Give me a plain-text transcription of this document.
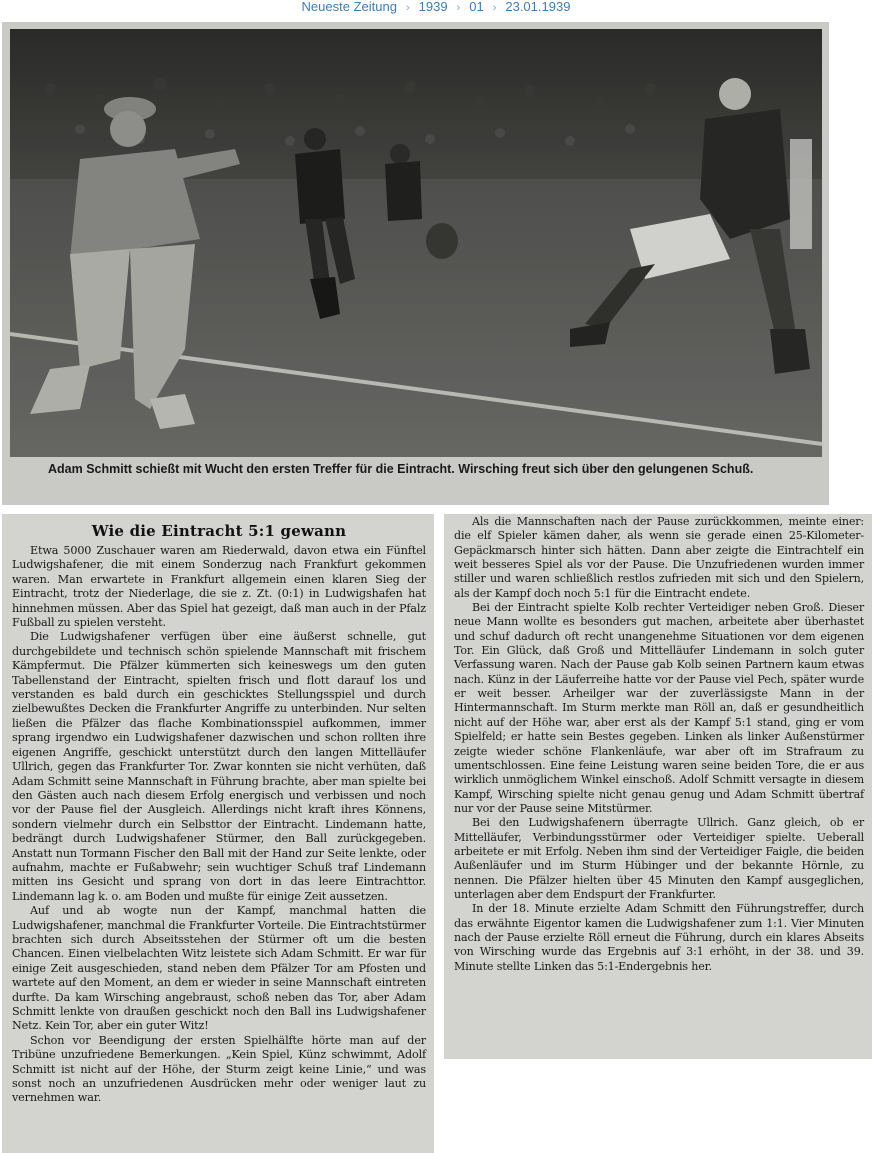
Neueste Zeitung › 1939 › 01 › 23.01.1939
Adam Schmitt schießt mit Wucht den ersten Treffer für die Eintracht. Wirsching freut sich über den gelungenen Schuß.
Wie die Eintracht 5:1 gewann

Etwa 5000 Zuschauer waren am Riederwald, davon etwa ein Fünftel Ludwigshafener, die mit einem Sonderzug nach Frankfurt gekommen waren. Man erwartete in Frankfurt allgemein einen klaren Sieg der Eintracht, trotz der Niederlage, die sie z. Zt. (0:1) in Ludwigshafen hat hinnehmen müssen. Aber das Spiel hat gezeigt, daß man auch in der Pfalz Fußball zu spielen versteht.

Die Ludwigshafener verfügen über eine äußerst schnelle, gut durchgebildete und technisch schön spielende Mannschaft mit frischem Kämpfermut. Die Pfälzer kümmerten sich keineswegs um den guten Tabellenstand der Eintracht, spielten frisch und flott darauf los und verstanden es bald durch ein geschicktes Stellungsspiel und durch zielbewußtes Decken die Frankfurter Angriffe zu unterbinden. Nur selten ließen die Pfälzer das flache Kombinationsspiel aufkommen, immer sprang irgendwo ein Ludwigshafener dazwischen und schon rollten ihre eigenen Angriffe, geschickt unterstützt durch den langen Mittelläufer Ullrich, gegen das Frankfurter Tor. Zwar konnten sie nicht verhüten, daß Adam Schmitt seine Mannschaft in Führung brachte, aber man spielte bei den Gästen auch nach diesem Erfolg energisch und verbissen und noch vor der Pause fiel der Ausgleich. Allerdings nicht kraft ihres Könnens, sondern vielmehr durch ein Selbsttor der Eintracht. Lindemann hatte, bedrängt durch Ludwigshafener Stürmer, den Ball zurückgegeben. Anstatt nun Tormann Fischer den Ball mit der Hand zur Seite lenkte, oder aufnahm, machte er Fußabwehr; sein wuchtiger Schuß traf Lindemann mitten ins Gesicht und sprang von dort in das leere Eintrachttor. Lindemann lag k. o. am Boden und mußte für einige Zeit aussetzen.

Auf und ab wogte nun der Kampf, manchmal hatten die Ludwigshafener, manchmal die Frankfurter Vorteile. Die Eintrachtstürmer brachten sich durch Abseitsstehen der Stürmer oft um die besten Chancen. Einen vielbelachten Witz leistete sich Adam Schmitt. Er war für einige Zeit ausgeschieden, stand neben dem Pfälzer Tor am Pfosten und wartete auf den Moment, an dem er wieder in seine Mannschaft eintreten durfte. Da kam Wirsching angebraust, schoß neben das Tor, aber Adam Schmitt lenkte von draußen geschickt noch den Ball ins Ludwigshafener Netz. Kein Tor, aber ein guter Witz!

Schon vor Beendigung der ersten Spielhälfte hörte man auf der Tribüne unzufriedene Bemerkungen. „Kein Spiel, Künz schwimmt, Adolf Schmitt ist nicht auf der Höhe, der Sturm zeigt keine Linie,“ und was sonst noch an unzufriedenen Ausdrücken mehr oder weniger laut zu vernehmen war.

Als die Mannschaften nach der Pause zurückkommen, meinte einer: die elf Spieler kämen daher, als wenn sie gerade einen 25-Kilometer-Gepäckmarsch hinter sich hätten. Dann aber zeigte die Eintrachtelf ein weit besseres Spiel als vor der Pause. Die Unzufriedenen wurden immer stiller und waren schließlich restlos zufrieden mit sich und den Spielern, als der Kampf doch noch 5:1 für die Eintracht endete.

Bei der Eintracht spielte Kolb rechter Verteidiger neben Groß. Dieser neue Mann wollte es besonders gut machen, arbeitete aber überhastet und schuf dadurch oft recht unangenehme Situationen vor dem eigenen Tor. Ein Glück, daß Groß und Mittelläufer Lindemann in solch guter Verfassung waren. Nach der Pause gab Kolb seinen Partnern kaum etwas nach. Künz in der Läuferreihe hatte vor der Pause viel Pech, später wurde er weit besser. Arheilger war der zuverlässigste Mann in der Hintermannschaft. Im Sturm merkte man Röll an, daß er gesundheitlich nicht auf der Höhe war, aber erst als der Kampf 5:1 stand, ging er vom Spielfeld; er hatte sein Bestes gegeben. Linken als linker Außenstürmer zeigte wieder schöne Flankenläufe, war aber oft im Strafraum zu umentschlossen. Eine feine Leistung waren seine beiden Tore, die er aus wirklich unmöglichem Winkel einschoß. Adolf Schmitt versagte in diesem Kampf, Wirsching spielte nicht genau genug und Adam Schmitt übertraf nur vor der Pause seine Mitstürmer.

Bei den Ludwigshafenern überragte Ullrich. Ganz gleich, ob er Mittelläufer, Verbindungsstürmer oder Verteidiger spielte. Ueberall arbeitete er mit Erfolg. Neben ihm sind der Verteidiger Faigle, die beiden Außenläufer und im Sturm Hübinger und der bekannte Hörnle, zu nennen. Die Pfälzer hielten über 45 Minuten den Kampf ausgeglichen, unterlagen aber dem Endspurt der Frankfurter.

In der 18. Minute erzielte Adam Schmitt den Führungstreffer, durch das erwähnte Eigentor kamen die Ludwigshafener zum 1:1. Vier Minuten nach der Pause erzielte Röll erneut die Führung, durch ein klares Abseits von Wirsching wurde das Ergebnis auf 3:1 erhöht, in der 38. und 39. Minute stellte Linken das 5:1-Endergebnis her.
